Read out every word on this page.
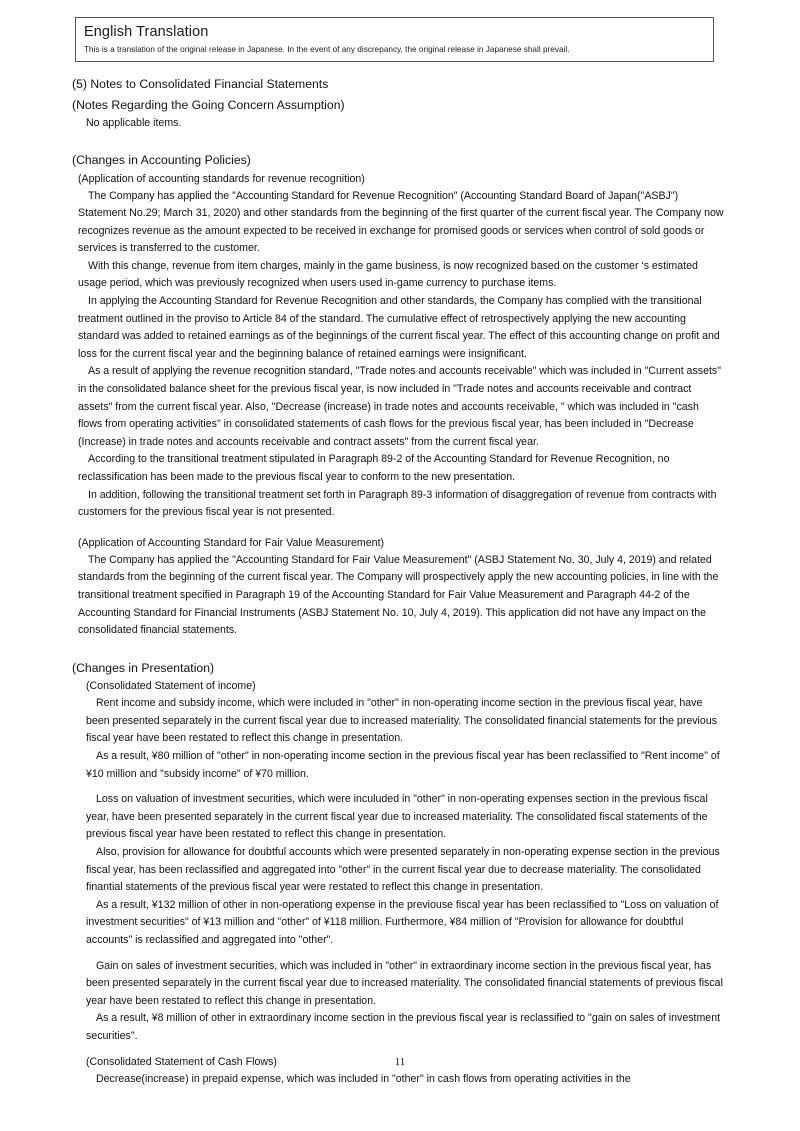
English Translation
This is a translation of the original release in Japanese. In the event of any discrepancy, the original release in Japanese shall prevail.
(5) Notes to Consolidated Financial Statements
(Notes Regarding the Going Concern Assumption)
No applicable items.
(Changes in Accounting Policies)
(Application of accounting standards for revenue recognition)
The Company has applied the "Accounting Standard for Revenue Recognition" (Accounting Standard Board of Japan("ASBJ") Statement No.29; March 31, 2020) and other standards from the beginning of the first quarter of the current fiscal year. The Company now recognizes revenue as the amount expected to be received in exchange for promised goods or services when control of sold goods or services is transferred to the customer.
With this change, revenue from item charges, mainly in the game business, is now recognized based on the customer ‘s estimated usage period, which was previously recognized when users used in-game currency to purchase items.
In applying the Accounting Standard for Revenue Recognition and other standards, the Company has complied with the transitional treatment outlined in the proviso to Article 84 of the standard. The cumulative effect of retrospectively applying the new accounting standard was added to retained earnings as of the beginnings of the current fiscal year. The effect of this accounting change on profit and loss for the current fiscal year and the beginning balance of retained earnings were insignificant.
As a result of applying the revenue recognition standard, "Trade notes and accounts receivable" which was included in "Current assets" in the consolidated balance sheet for the previous fiscal year, is now included in "Trade notes and accounts receivable and contract assets" from the current fiscal year. Also, "Decrease (increase) in trade notes and accounts receivable, " which was included in "cash flows from operating activities" in consolidated statements of cash flows for the previous fiscal year, has been included in "Decrease (Increase) in trade notes and accounts receivable and contract assets" from the current fiscal year.
According to the transitional treatment stipulated in Paragraph 89-2 of the Accounting Standard for Revenue Recognition, no reclassification has been made to the previous fiscal year to conform to the new presentation.
In addition, following the transitional treatment set forth in Paragraph 89-3 information of disaggregation of revenue from contracts with customers for the previous fiscal year is not presented.
(Application of Accounting Standard for Fair Value Measurement)
The Company has applied the "Accounting Standard for Fair Value Measurement" (ASBJ Statement No. 30, July 4, 2019) and related standards from the beginning of the current fiscal year. The Company will prospectively apply the new accounting policies, in line with the transitional treatment specified in Paragraph 19 of the Accounting Standard for Fair Value Measurement and Paragraph 44-2 of the Accounting Standard for Financial Instruments (ASBJ Statement No. 10, July 4, 2019). This application did not have any impact on the consolidated financial statements.
(Changes in Presentation)
(Consolidated Statement of income)
Rent income and subsidy income, which were included in "other" in non-operating income section in the previous fiscal year, have been presented separately in the current fiscal year due to increased materiality. The consolidated financial statements for the previous fiscal year have been restated to reflect this change in presentation.
As a result, ¥80 million of "other" in non-operating income section in the previous fiscal year has been reclassified to "Rent income" of ¥10 million and "subsidy income" of ¥70 million.
Loss on valuation of investment securities, which were inculuded in "other" in non-operating expenses section in the previous fiscal year, have been presented separately in the current fiscal year due to increased materiality. The consolidated fiscal statements of the previous fiscal year have been restated to reflect this change in presentation.
Also, provision for allowance for doubtful accounts which were presented separately in non-operating expense section in the previous fiscal year, has been reclassified and aggregated into "other" in the current fiscal year due to decrease materiality. The consolidated finantial statements of the previous fiscal year were restated to reflect this change in presentation.
As a result, ¥132 million of other in non-operationg expense in the previouse fiscal year has been reclassified to "Loss on valuation of investment securities" of ¥13 million and "other" of ¥118 million. Furthermore, ¥84 million of "Provision for allowance for doubtful accounts" is reclassified and aggregated into "other".
Gain on sales of investment securities, which was included in "other" in extraordinary income section in the previous fiscal year, has been presented separately in the current fiscal year due to increased materiality. The consolidated financial statements of previous fiscal year have been restated to reflect this change in presentation.
As a result, ¥8 million of other in extraordinary income section in the previous fiscal year is reclassified to "gain on sales of investment securities".
(Consolidated Statement of Cash Flows)
Decrease(increase) in prepaid expense, which was included in "other" in cash flows from operating activities in the
11
